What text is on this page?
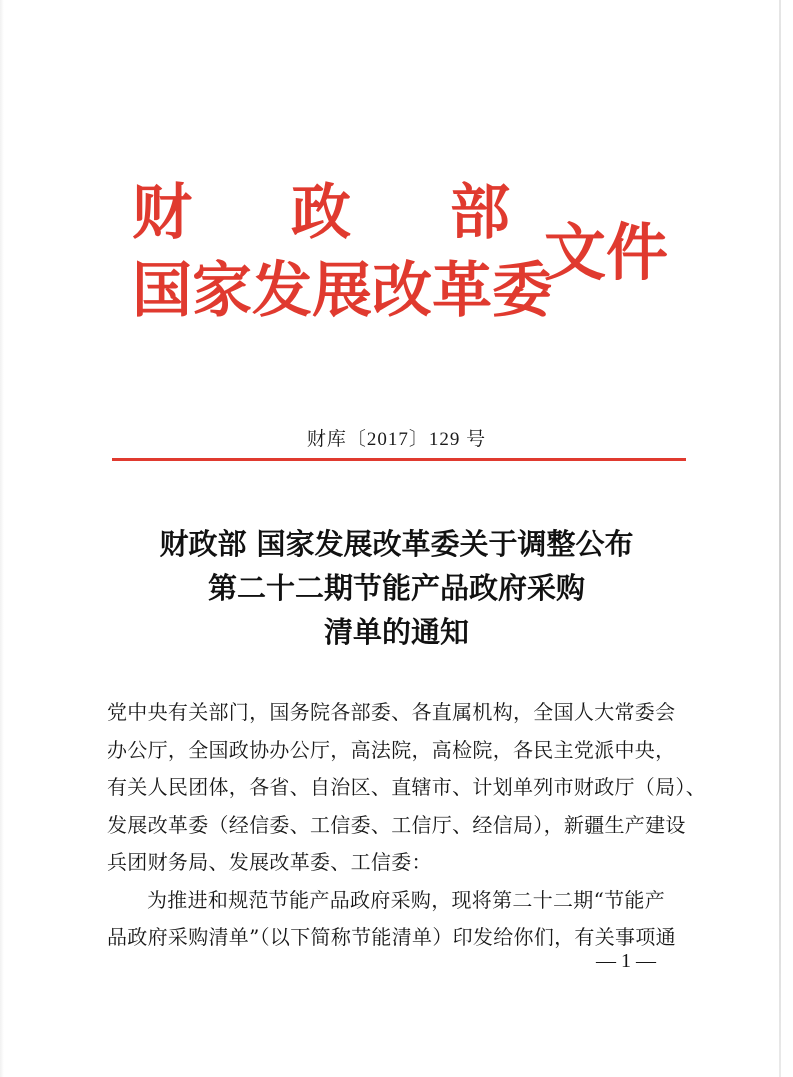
财 政 部
国家发展改革委
文件
财库〔2017〕129 号
财政部 国家发展改革委关于调整公布
第二十二期节能产品政府采购
清单的通知
党中央有关部门，国务院各部委、各直属机构，全国人大常委会
办公厅，全国政协办公厅，高法院，高检院，各民主党派中央，
有关人民团体，各省、自治区、直辖市、计划单列市财政厅（局）、
发展改革委（经信委、工信委、工信厅、经信局），新疆生产建设
兵团财务局、发展改革委、工信委：
为推进和规范节能产品政府采购，现将第二十二期“节能产
品政府采购清单”（以下简称节能清单）印发给你们，有关事项通
— 1 —
